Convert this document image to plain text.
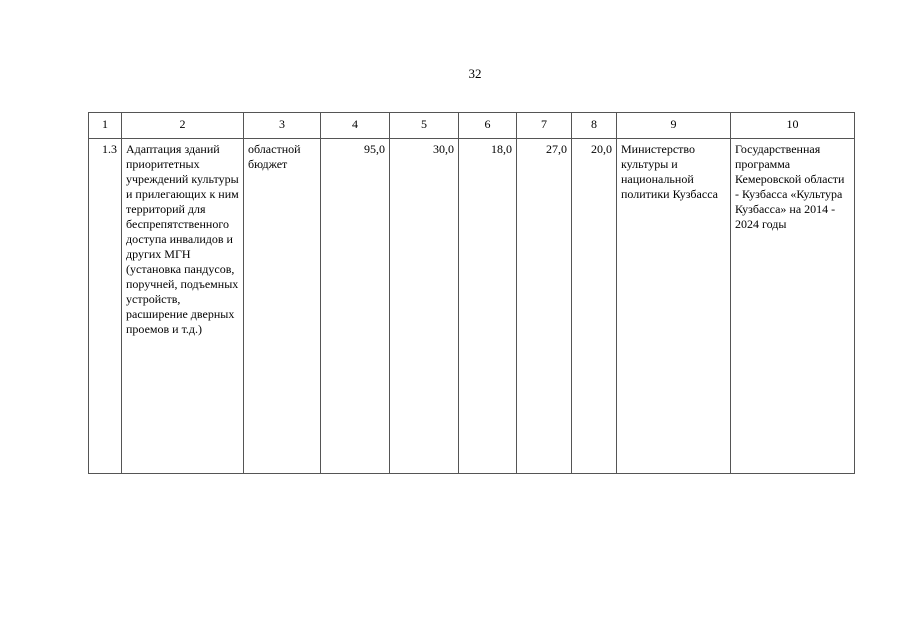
32
1	2	3	4	5	6	7	8	9	10
1.3	Адаптация зданий приоритетных учреждений культуры и прилегающих к ним территорий для беспрепятственного доступа инвалидов и других МГН (установка пандусов, поручней, подъемных устройств, расширение дверных проемов и т.д.)	областной бюджет	95,0	30,0	18,0	27,0	20,0	Министерство культуры и национальной политики Кузбасса	Государственная программа Кемеровской области - Кузбасса «Культура Кузбасса» на 2014 - 2024 годы
